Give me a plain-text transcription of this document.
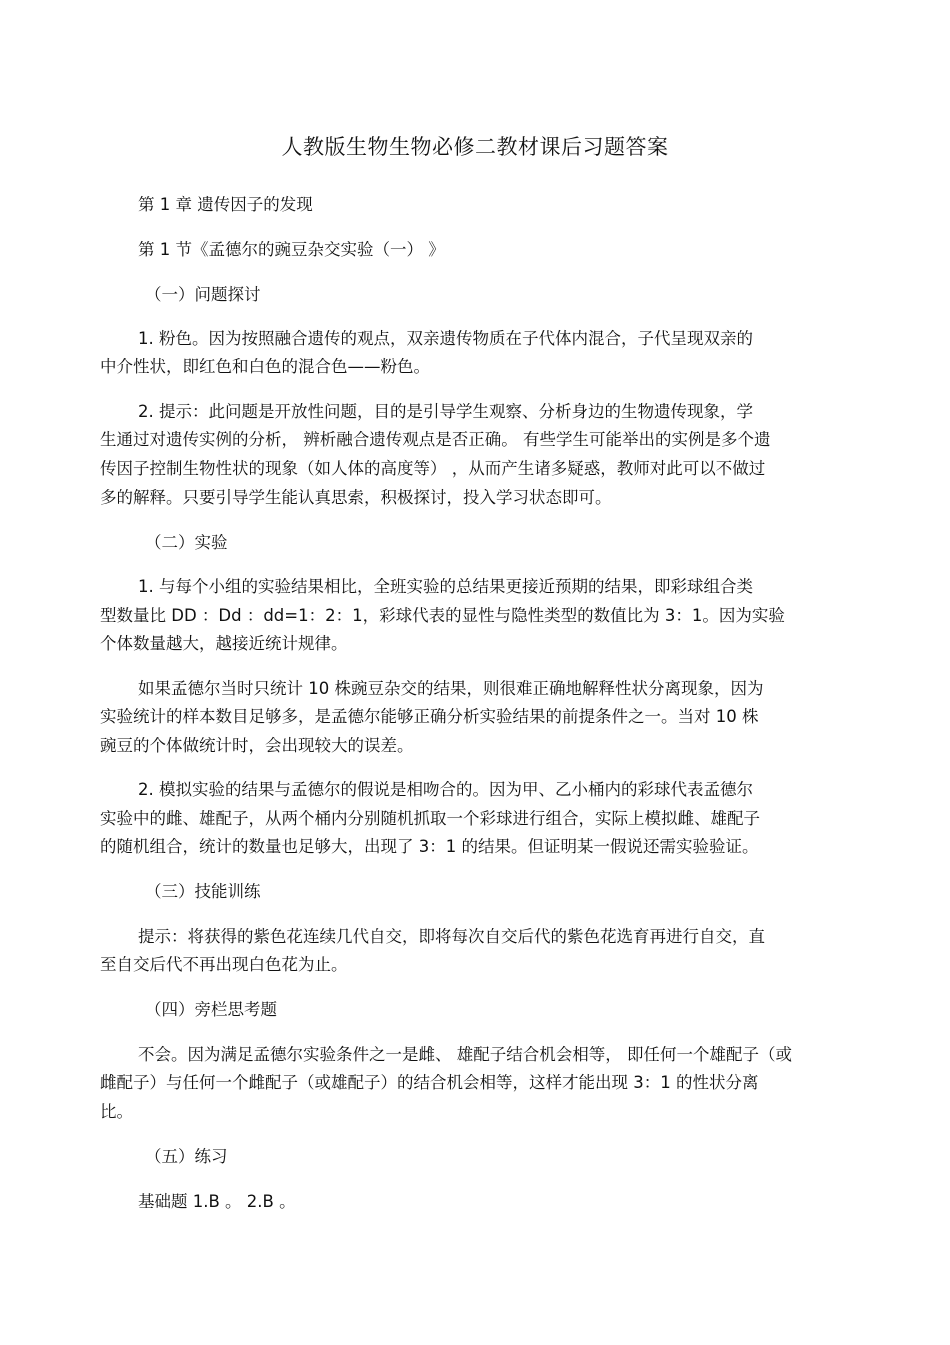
人教版生物生物必修二教材课后习题答案
第 1 章 遗传因子的发现
第 1 节《孟德尔的豌豆杂交实验（一） 》
（一）问题探讨
1. 粉色。因为按照融合遗传的观点，双亲遗传物质在子代体内混合，子代呈现双亲的
中介性状，即红色和白色的混合色——粉色。
2. 提示：此问题是开放性问题，目的是引导学生观察、分析身边的生物遗传现象，学
生通过对遗传实例的分析， 辨析融合遗传观点是否正确。 有些学生可能举出的实例是多个遗
传因子控制生物性状的现象（如人体的高度等） ，从而产生诸多疑惑，教师对此可以不做过
多的解释。只要引导学生能认真思索，积极探讨，投入学习状态即可。
（二）实验
1. 与每个小组的实验结果相比，全班实验的总结果更接近预期的结果，即彩球组合类
型数量比 DD ：Dd ：dd=1：2：1，彩球代表的显性与隐性类型的数值比为 3：1。因为实验
个体数量越大，越接近统计规律。
如果孟德尔当时只统计 10 株豌豆杂交的结果，则很难正确地解释性状分离现象，因为
实验统计的样本数目足够多，是孟德尔能够正确分析实验结果的前提条件之一。当对 10 株
豌豆的个体做统计时，会出现较大的误差。
2. 模拟实验的结果与孟德尔的假说是相吻合的。因为甲、乙小桶内的彩球代表孟德尔
实验中的雌、雄配子，从两个桶内分别随机抓取一个彩球进行组合，实际上模拟雌、雄配子
的随机组合，统计的数量也足够大，出现了 3：1 的结果。但证明某一假说还需实验验证。
（三）技能训练
提示：将获得的紫色花连续几代自交，即将每次自交后代的紫色花选育再进行自交，直
至自交后代不再出现白色花为止。
（四）旁栏思考题
不会。因为满足孟德尔实验条件之一是雌、 雄配子结合机会相等， 即任何一个雄配子（或
雌配子）与任何一个雌配子（或雄配子）的结合机会相等，这样才能出现 3：1 的性状分离
比。
（五）练习
基础题 1.B 。 2.B 。
